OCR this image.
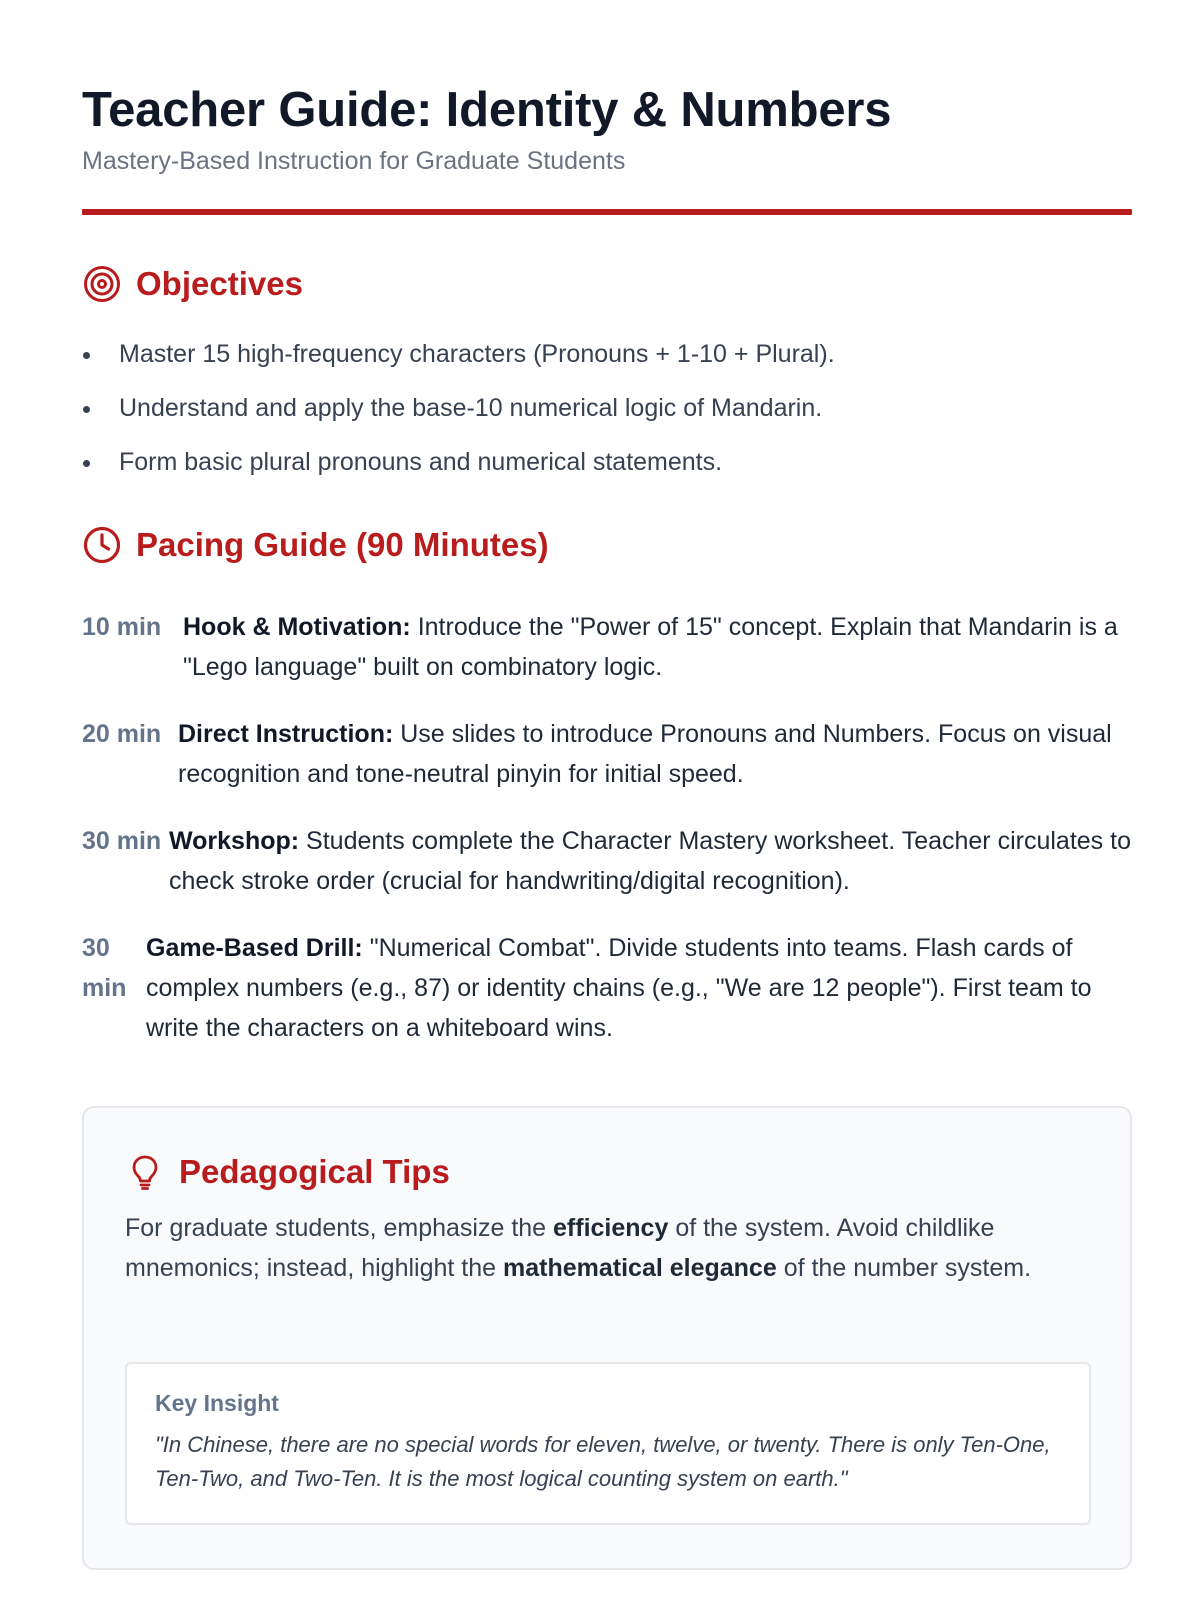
Teacher Guide: Identity & Numbers
Mastery-Based Instruction for Graduate Students
Objectives
Master 15 high-frequency characters (Pronouns + 1-10 + Plural).
Understand and apply the base-10 numerical logic of Mandarin.
Form basic plural pronouns and numerical statements.
Pacing Guide (90 Minutes)
10 min Hook & Motivation: Introduce the "Power of 15" concept. Explain that Mandarin is a "Lego language" built on combinatory logic.
20 min Direct Instruction: Use slides to introduce Pronouns and Numbers. Focus on visual recognition and tone-neutral pinyin for initial speed.
30 min Workshop: Students complete the Character Mastery worksheet. Teacher circulates to check stroke order (crucial for handwriting/digital recognition).
30 min
Game-Based Drill: "Numerical Combat". Divide students into teams. Flash cards of complex numbers (e.g., 87) or identity chains (e.g., "We are 12 people"). First team to write the characters on a whiteboard wins.
Pedagogical Tips
For graduate students, emphasize the efficiency of the system. Avoid childlike mnemonics; instead, highlight the mathematical elegance of the number system.
Key Insight
"In Chinese, there are no special words for eleven, twelve, or twenty. There is only Ten-One, Ten-Two, and Two-Ten. It is the most logical counting system on earth."
